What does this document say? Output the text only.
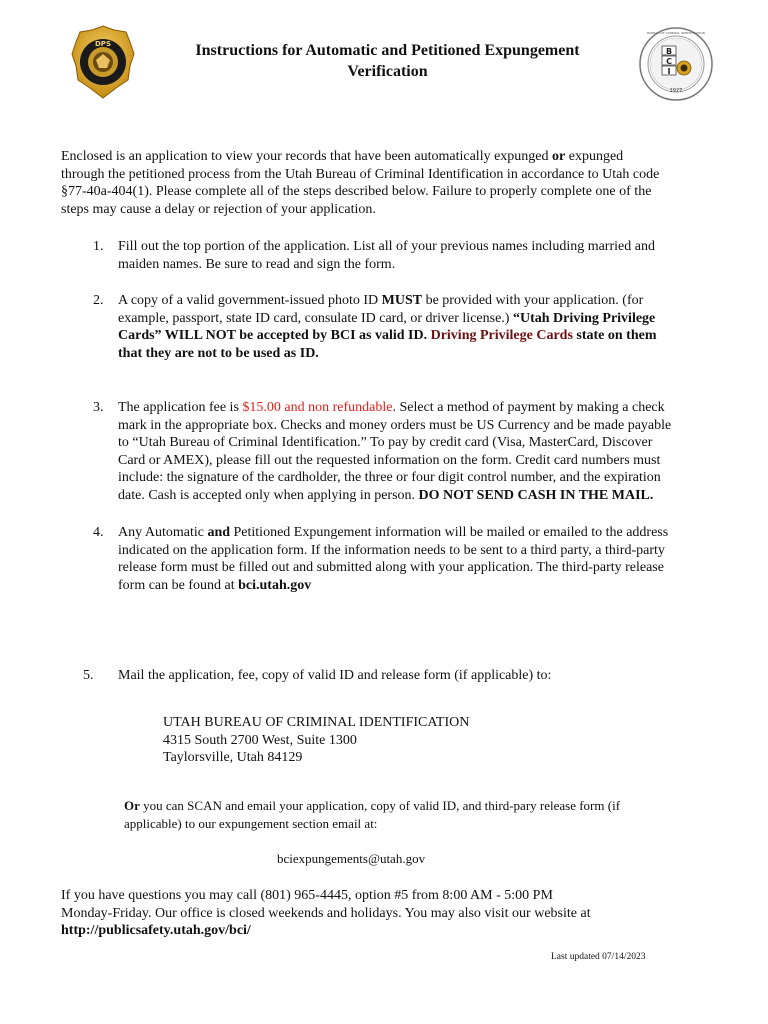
DPS
B
C
I
1927
BUREAU OF CRIMINAL IDENTIFICATION
Instructions for Automatic and Petitioned Expungement
Verification
Enclosed is an application to view your records that have been automatically expunged or expunged
through the petitioned process from the Utah Bureau of Criminal Identification in accordance to Utah code
§77-40a-404(1). Please complete all of the steps described below. Failure to properly complete one of the
steps may cause a delay or rejection of your application.
1. Fill out the top portion of the application. List all of your previous names including married and
maiden names. Be sure to read and sign the form.
2. A copy of a valid government-issued photo ID MUST be provided with your application. (for
example, passport, state ID card, consulate ID card, or driver license.) “Utah Driving Privilege
Cards” WILL NOT be accepted by BCI as valid ID. Driving Privilege Cards state on them
that they are not to be used as ID.
3. The application fee is $15.00 and non refundable. Select a method of payment by making a check
mark in the appropriate box. Checks and money orders must be US Currency and be made payable
to “Utah Bureau of Criminal Identification.” To pay by credit card (Visa, MasterCard, Discover
Card or AMEX), please fill out the requested information on the form. Credit card numbers must
include: the signature of the cardholder, the three or four digit control number, and the expiration
date. Cash is accepted only when applying in person. DO NOT SEND CASH IN THE MAIL.
4. Any Automatic and Petitioned Expungement information will be mailed or emailed to the address
indicated on the application form. If the information needs to be sent to a third party, a third-party
release form must be filled out and submitted along with your application. The third-party release
form can be found at bci.utah.gov
5. Mail the application, fee, copy of valid ID and release form (if applicable) to:
UTAH BUREAU OF CRIMINAL IDENTIFICATION
4315 South 2700 West, Suite 1300
Taylorsville, Utah 84129
Or you can SCAN and email your application, copy of valid ID, and third-pary release form (if
applicable) to our expungement section email at:
bciexpungements@utah.gov
If you have questions you may call (801) 965-4445, option #5 from 8:00 AM - 5:00 PM
Monday-Friday. Our office is closed weekends and holidays. You may also visit our website at
http://publicsafety.utah.gov/bci/
Last updated 07/14/2023
